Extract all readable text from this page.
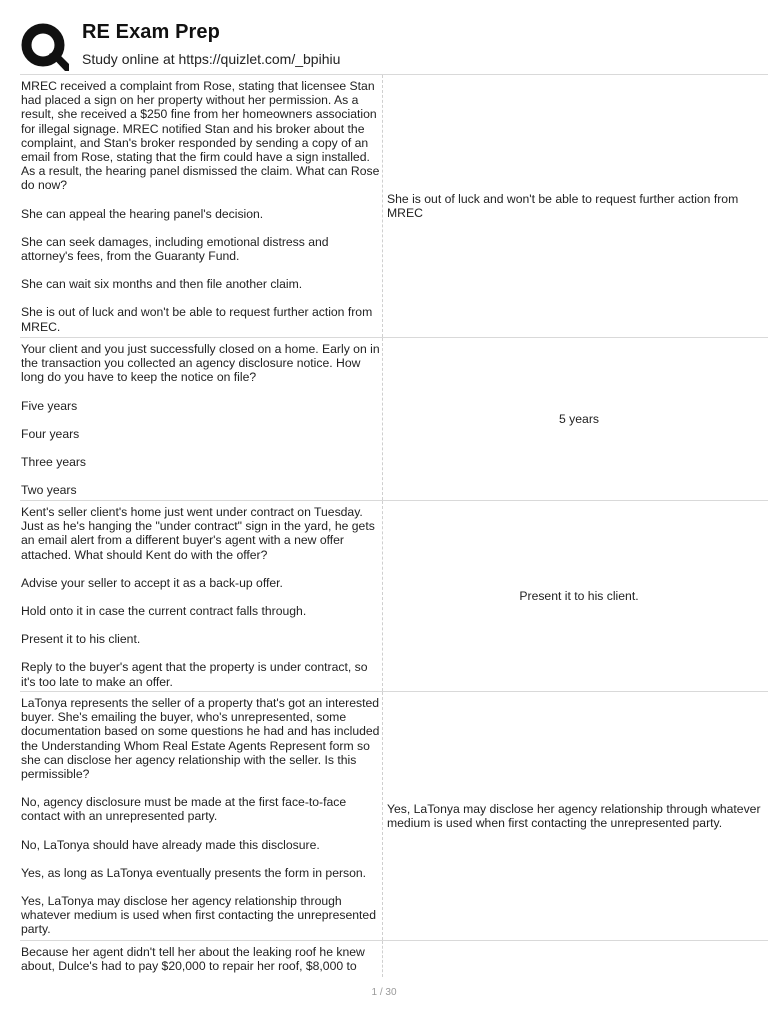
RE Exam Prep
Study online at https://quizlet.com/_bpihiu

MREC received a complaint from Rose, stating that licensee Stan had placed a sign on her property without her permission. As a result, she received a $250 fine from her homeowners association for illegal signage. MREC notified Stan and his broker about the complaint, and Stan's broker responded by sending a copy of an email from Rose, stating that the firm could have a sign installed. As a result, the hearing panel dismissed the claim. What can Rose do now?

She can appeal the hearing panel's decision.

She can seek damages, including emotional distress and attorney's fees, from the Guaranty Fund.

She can wait six months and then file another claim.

She is out of luck and won't be able to request further action from MREC.

She is out of luck and won't be able to request further action from MREC

Your client and you just successfully closed on a home. Early on in the transaction you collected an agency disclosure notice. How long do you have to keep the notice on file?

Five years

Four years

Three years

Two years

5 years

Kent's seller client's home just went under contract on Tuesday. Just as he's hanging the "under contract" sign in the yard, he gets an email alert from a different buyer's agent with a new offer attached. What should Kent do with the offer?

Advise your seller to accept it as a back-up offer.

Hold onto it in case the current contract falls through.

Present it to his client.

Reply to the buyer's agent that the property is under contract, so it's too late to make an offer.

Present it to his client.

LaTonya represents the seller of a property that's got an interested buyer. She's emailing the buyer, who's unrepresented, some documentation based on some questions he had and has included the Understanding Whom Real Estate Agents Represent form so she can disclose her agency relationship with the seller. Is this permissible?

No, agency disclosure must be made at the first face-to-face contact with an unrepresented party.

No, LaTonya should have already made this disclosure.

Yes, as long as LaTonya eventually presents the form in person.

Yes, LaTonya may disclose her agency relationship through whatever medium is used when first contacting the unrepresented party.

Yes, LaTonya may disclose her agency relationship through whatever medium is used when first contacting the unrepresented party.

Because her agent didn't tell her about the leaking roof he knew about, Dulce's had to pay $20,000 to repair her roof, $8,000 to

1 / 30
